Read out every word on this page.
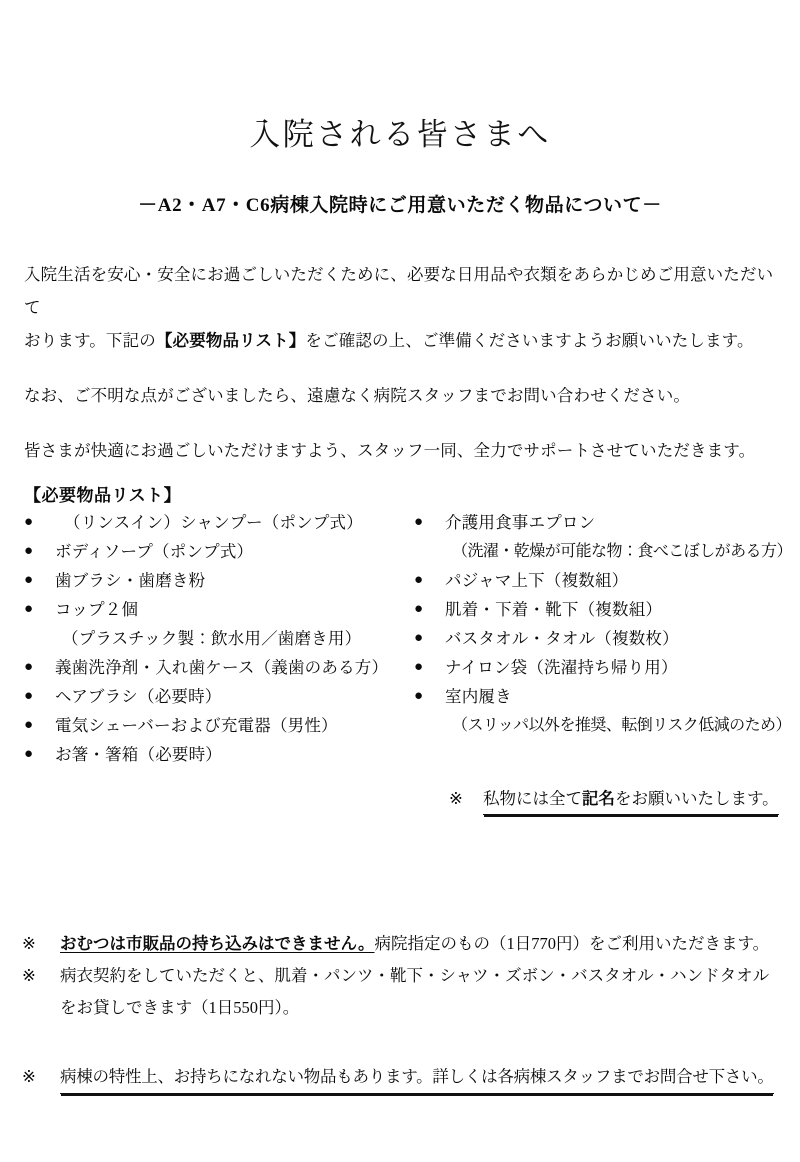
入院される皆さまへ
－A2・A7・C6病棟入院時にご用意いただく物品について－

入院生活を安心・安全にお過ごしいただくために、必要な日用品や衣類をあらかじめご用意いただいて

おります。下記の【必要物品リスト】をご確認の上、ご準備くださいますようお願いいたします。

なお、ご不明な点がございましたら、遠慮なく病院スタッフまでお問い合わせください。

皆さまが快適にお過ごしいただけますよう、スタッフ一同、全力でサポートさせていただきます。

【必要物品リスト】
● （リンスイン）シャンプー（ポンプ式）
● ボディソープ（ポンプ式）
● 歯ブラシ・歯磨き粉
● コップ２個
（プラスチック製：飲水用／歯磨き用）
● 義歯洗浄剤・入れ歯ケース（義歯のある方）
● ヘアブラシ（必要時）
● 電気シェーバーおよび充電器（男性）
● お箸・箸箱（必要時）
● 介護用食事エプロン
（洗濯・乾燥が可能な物：食べこぼしがある方）
● パジャマ上下（複数組）
● 肌着・下着・靴下（複数組）
● バスタオル・タオル（複数枚）
● ナイロン袋（洗濯持ち帰り用）
● 室内履き
（スリッパ以外を推奨、転倒リスク低減のため）
※ 私物には全て記名をお願いいたします。
※ おむつは市販品の持ち込みはできません。病院指定のもの（1日770円）をご利用いただきます。
※ 病衣契約をしていただくと、肌着・パンツ・靴下・シャツ・ズボン・バスタオル・ハンドタオルをお貸しできます（1日550円）。
※ 病棟の特性上、お持ちになれない物品もあります。詳しくは各病棟スタッフまでお問合せ下さい。
